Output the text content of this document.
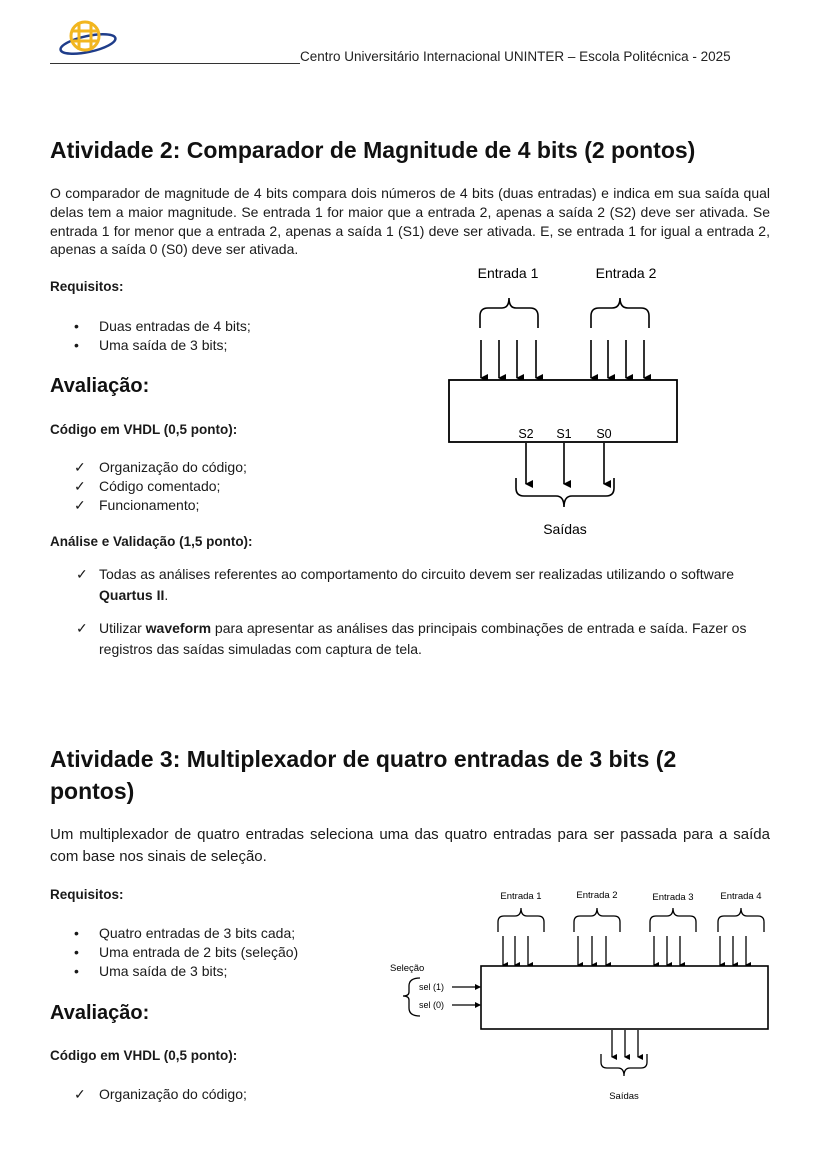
Centro Universitário Internacional UNINTER – Escola Politécnica - 2025
Atividade 2: Comparador de Magnitude de 4 bits (2 pontos)
O comparador de magnitude de 4 bits compara dois números de 4 bits (duas entradas) e indica em sua saída qual delas tem a maior magnitude. Se entrada 1 for maior que a entrada 2, apenas a saída 2 (S2) deve ser ativada. Se entrada 1 for menor que a entrada 2, apenas a saída 1 (S1) deve ser ativada. E, se entrada 1 for igual a entrada 2, apenas a saída 0 (S0) deve ser ativada.
Requisitos:
• Duas entradas de 4 bits;
• Uma saída de 3 bits;
Avaliação:
Código em VHDL (0,5 ponto):
✓ Organização do código;
✓ Código comentado;
✓ Funcionamento;
Análise e Validação (1,5 ponto):
✓ Todas as análises referentes ao comportamento do circuito devem ser realizadas utilizando o software Quartus II.
✓ Utilizar waveform para apresentar as análises das principais combinações de entrada e saída. Fazer os registros das saídas simuladas com captura de tela.
Entrada 1	Entrada 2
S2 S1 S0
Saídas
Atividade 3: Multiplexador de quatro entradas de 3 bits (2
pontos)
Um multiplexador de quatro entradas seleciona uma das quatro entradas para ser passada para a saída com base nos sinais de seleção.
Requisitos:
• Quatro entradas de 3 bits cada;
• Uma entrada de 2 bits (seleção)
• Uma saída de 3 bits;
Avaliação:
Código em VHDL (0,5 ponto):
✓ Organização do código;
Entrada 1	Entrada 2	Entrada 3	Entrada 4
Seleção
sel (1)
sel (0)
Saídas
